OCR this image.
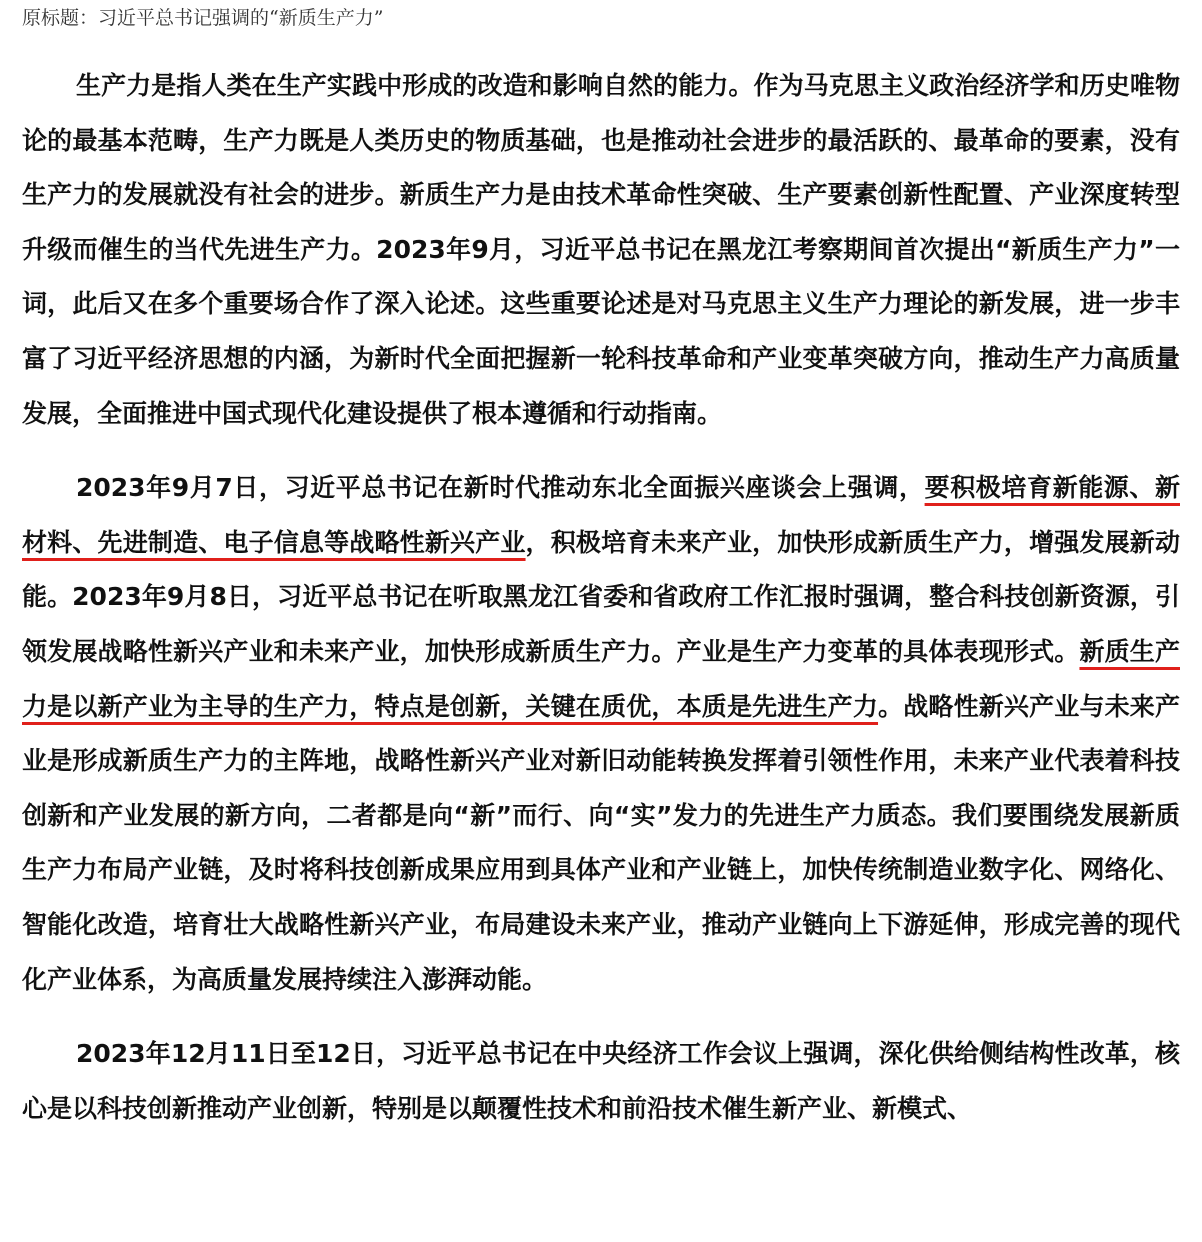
原标题：习近平总书记强调的“新质生产力”

生产力是指人类在生产实践中形成的改造和影响自然的能力。作为马克思主义政治经济学和历史唯物论的最基本范畴，生产力既是人类历史的物质基础，也是推动社会进步的最活跃的、最革命的要素，没有生产力的发展就没有社会的进步。新质生产力是由技术革命性突破、生产要素创新性配置、产业深度转型升级而催生的当代先进生产力。2023年9月，习近平总书记在黑龙江考察期间首次提出“新质生产力”一词，此后又在多个重要场合作了深入论述。这些重要论述是对马克思主义生产力理论的新发展，进一步丰富了习近平经济思想的内涵，为新时代全面把握新一轮科技革命和产业变革突破方向，推动生产力高质量发展，全面推进中国式现代化建设提供了根本遵循和行动指南。

2023年9月7日，习近平总书记在新时代推动东北全面振兴座谈会上强调，要积极培育新能源、新材料、先进制造、电子信息等战略性新兴产业，积极培育未来产业，加快形成新质生产力，增强发展新动能。2023年9月8日，习近平总书记在听取黑龙江省委和省政府工作汇报时强调，整合科技创新资源，引领发展战略性新兴产业和未来产业，加快形成新质生产力。产业是生产力变革的具体表现形式。新质生产力是以新产业为主导的生产力，特点是创新，关键在质优，本质是先进生产力。战略性新兴产业与未来产业是形成新质生产力的主阵地，战略性新兴产业对新旧动能转换发挥着引领性作用，未来产业代表着科技创新和产业发展的新方向，二者都是向“新”而行、向“实”发力的先进生产力质态。我们要围绕发展新质生产力布局产业链，及时将科技创新成果应用到具体产业和产业链上，加快传统制造业数字化、网络化、智能化改造，培育壮大战略性新兴产业，布局建设未来产业，推动产业链向上下游延伸，形成完善的现代化产业体系，为高质量发展持续注入澎湃动能。

2023年12月11日至12日，习近平总书记在中央经济工作会议上强调，深化供给侧结构性改革，核心是以科技创新推动产业创新，特别是以颠覆性技术和前沿技术催生新产业、新模式、
